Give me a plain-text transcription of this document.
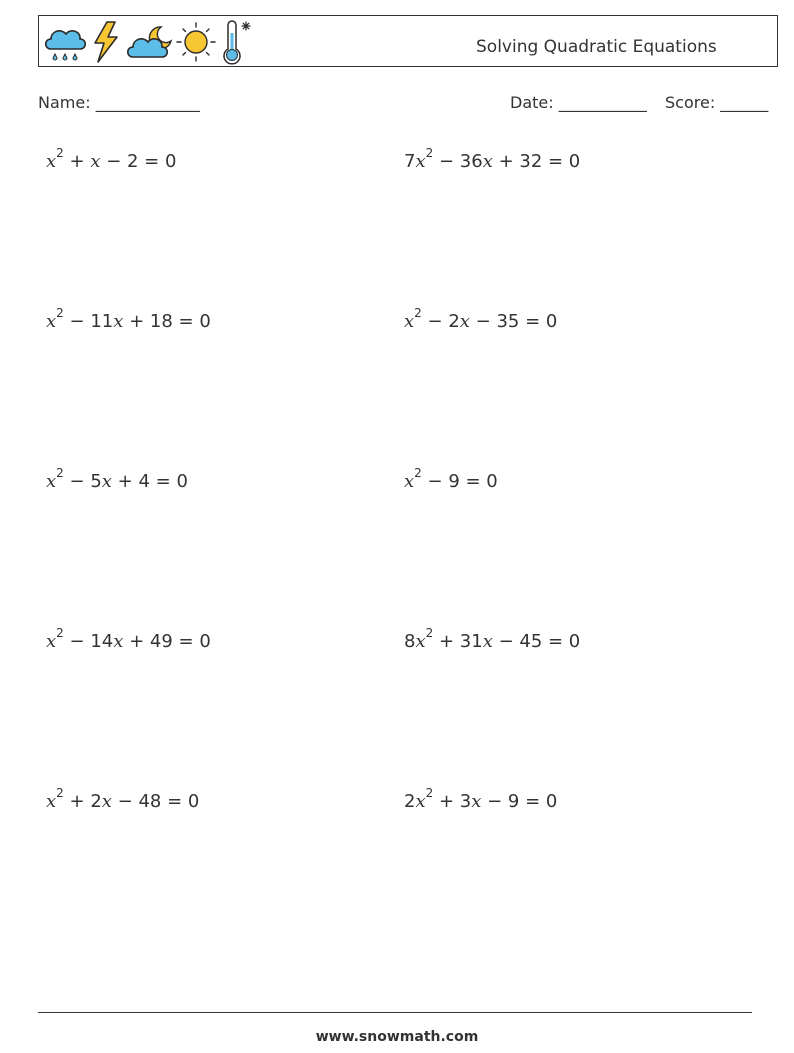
Solving Quadratic Equations
Name: _____________	Date: ___________ Score: ______
$x^2 + x - 2 = 0$	$7x^2 - 36x + 32 = 0$
$x^2 - 11x + 18 = 0$	$x^2 - 2x - 35 = 0$
$x^2 - 5x + 4 = 0$	$x^2 - 9 = 0$
$x^2 - 14x + 49 = 0$	$8x^2 + 31x - 45 = 0$
$x^2 + 2x - 48 = 0$	$2x^2 + 3x - 9 = 0$
www.snowmath.com
